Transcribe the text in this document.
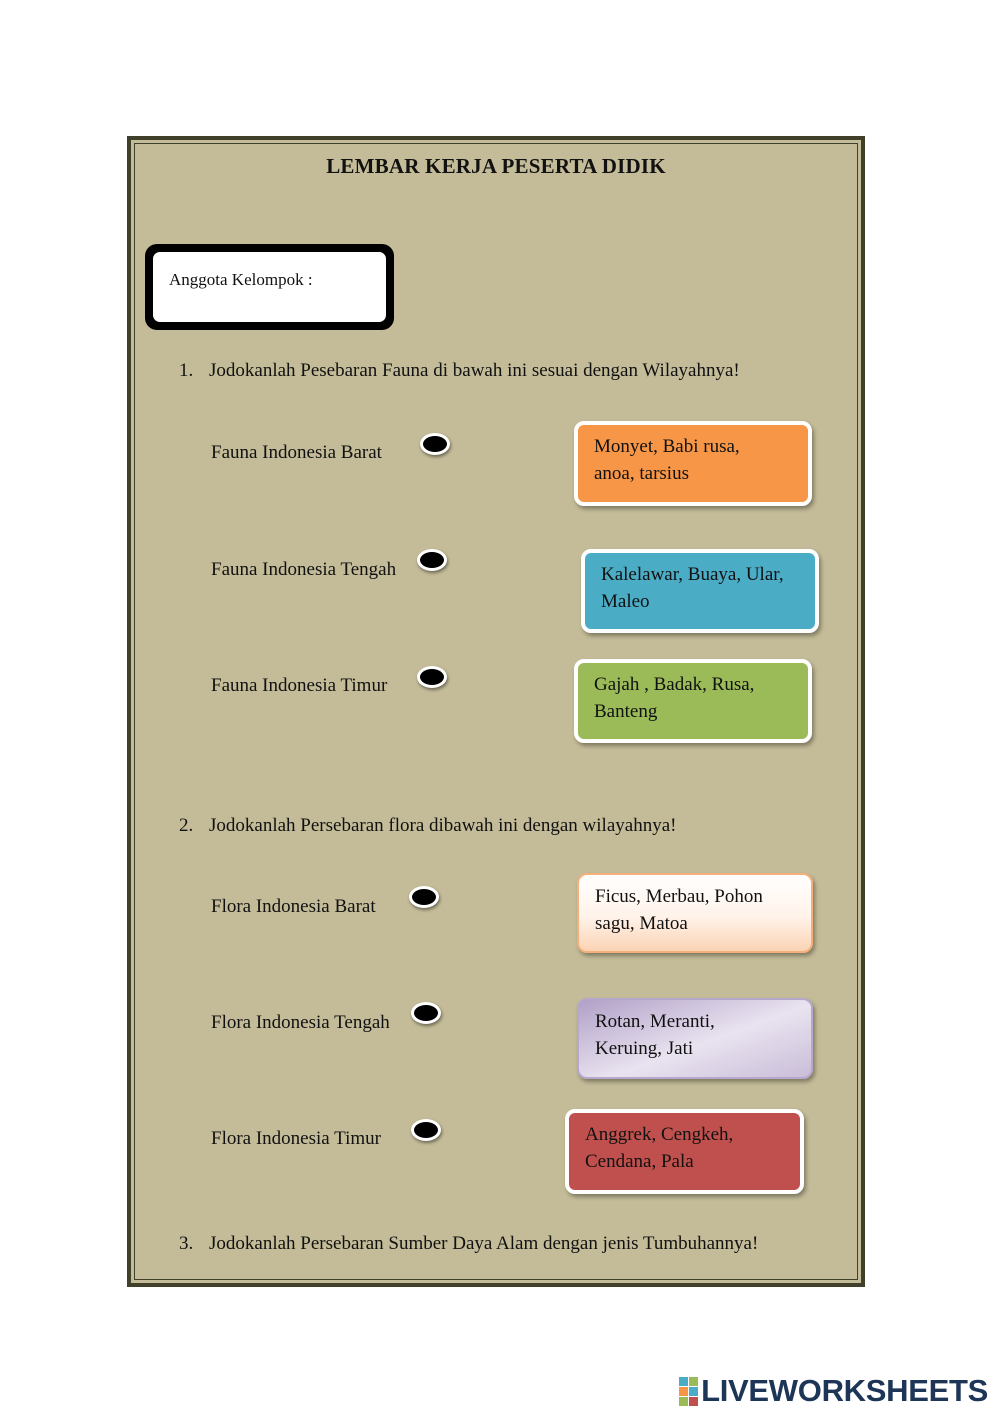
LEMBAR KERJA PESERTA DIDIK
Anggota Kelompok :
1. Jodokanlah Pesebaran Fauna di bawah ini sesuai dengan Wilayahnya!
Fauna Indonesia Barat
Fauna Indonesia Tengah
Fauna Indonesia Timur
Monyet, Babi rusa,
anoa, tarsius
Kalelawar, Buaya, Ular,
Maleo
Gajah , Badak, Rusa,
Banteng
2. Jodokanlah Persebaran flora dibawah ini dengan wilayahnya!
Flora Indonesia Barat
Flora Indonesia Tengah
Flora Indonesia Timur
Ficus, Merbau, Pohon
sagu, Matoa
Rotan, Meranti,
Keruing, Jati
Anggrek, Cengkeh,
Cendana, Pala
3. Jodokanlah Persebaran Sumber Daya Alam dengan jenis Tumbuhannya!
LIVEWORKSHEETS
